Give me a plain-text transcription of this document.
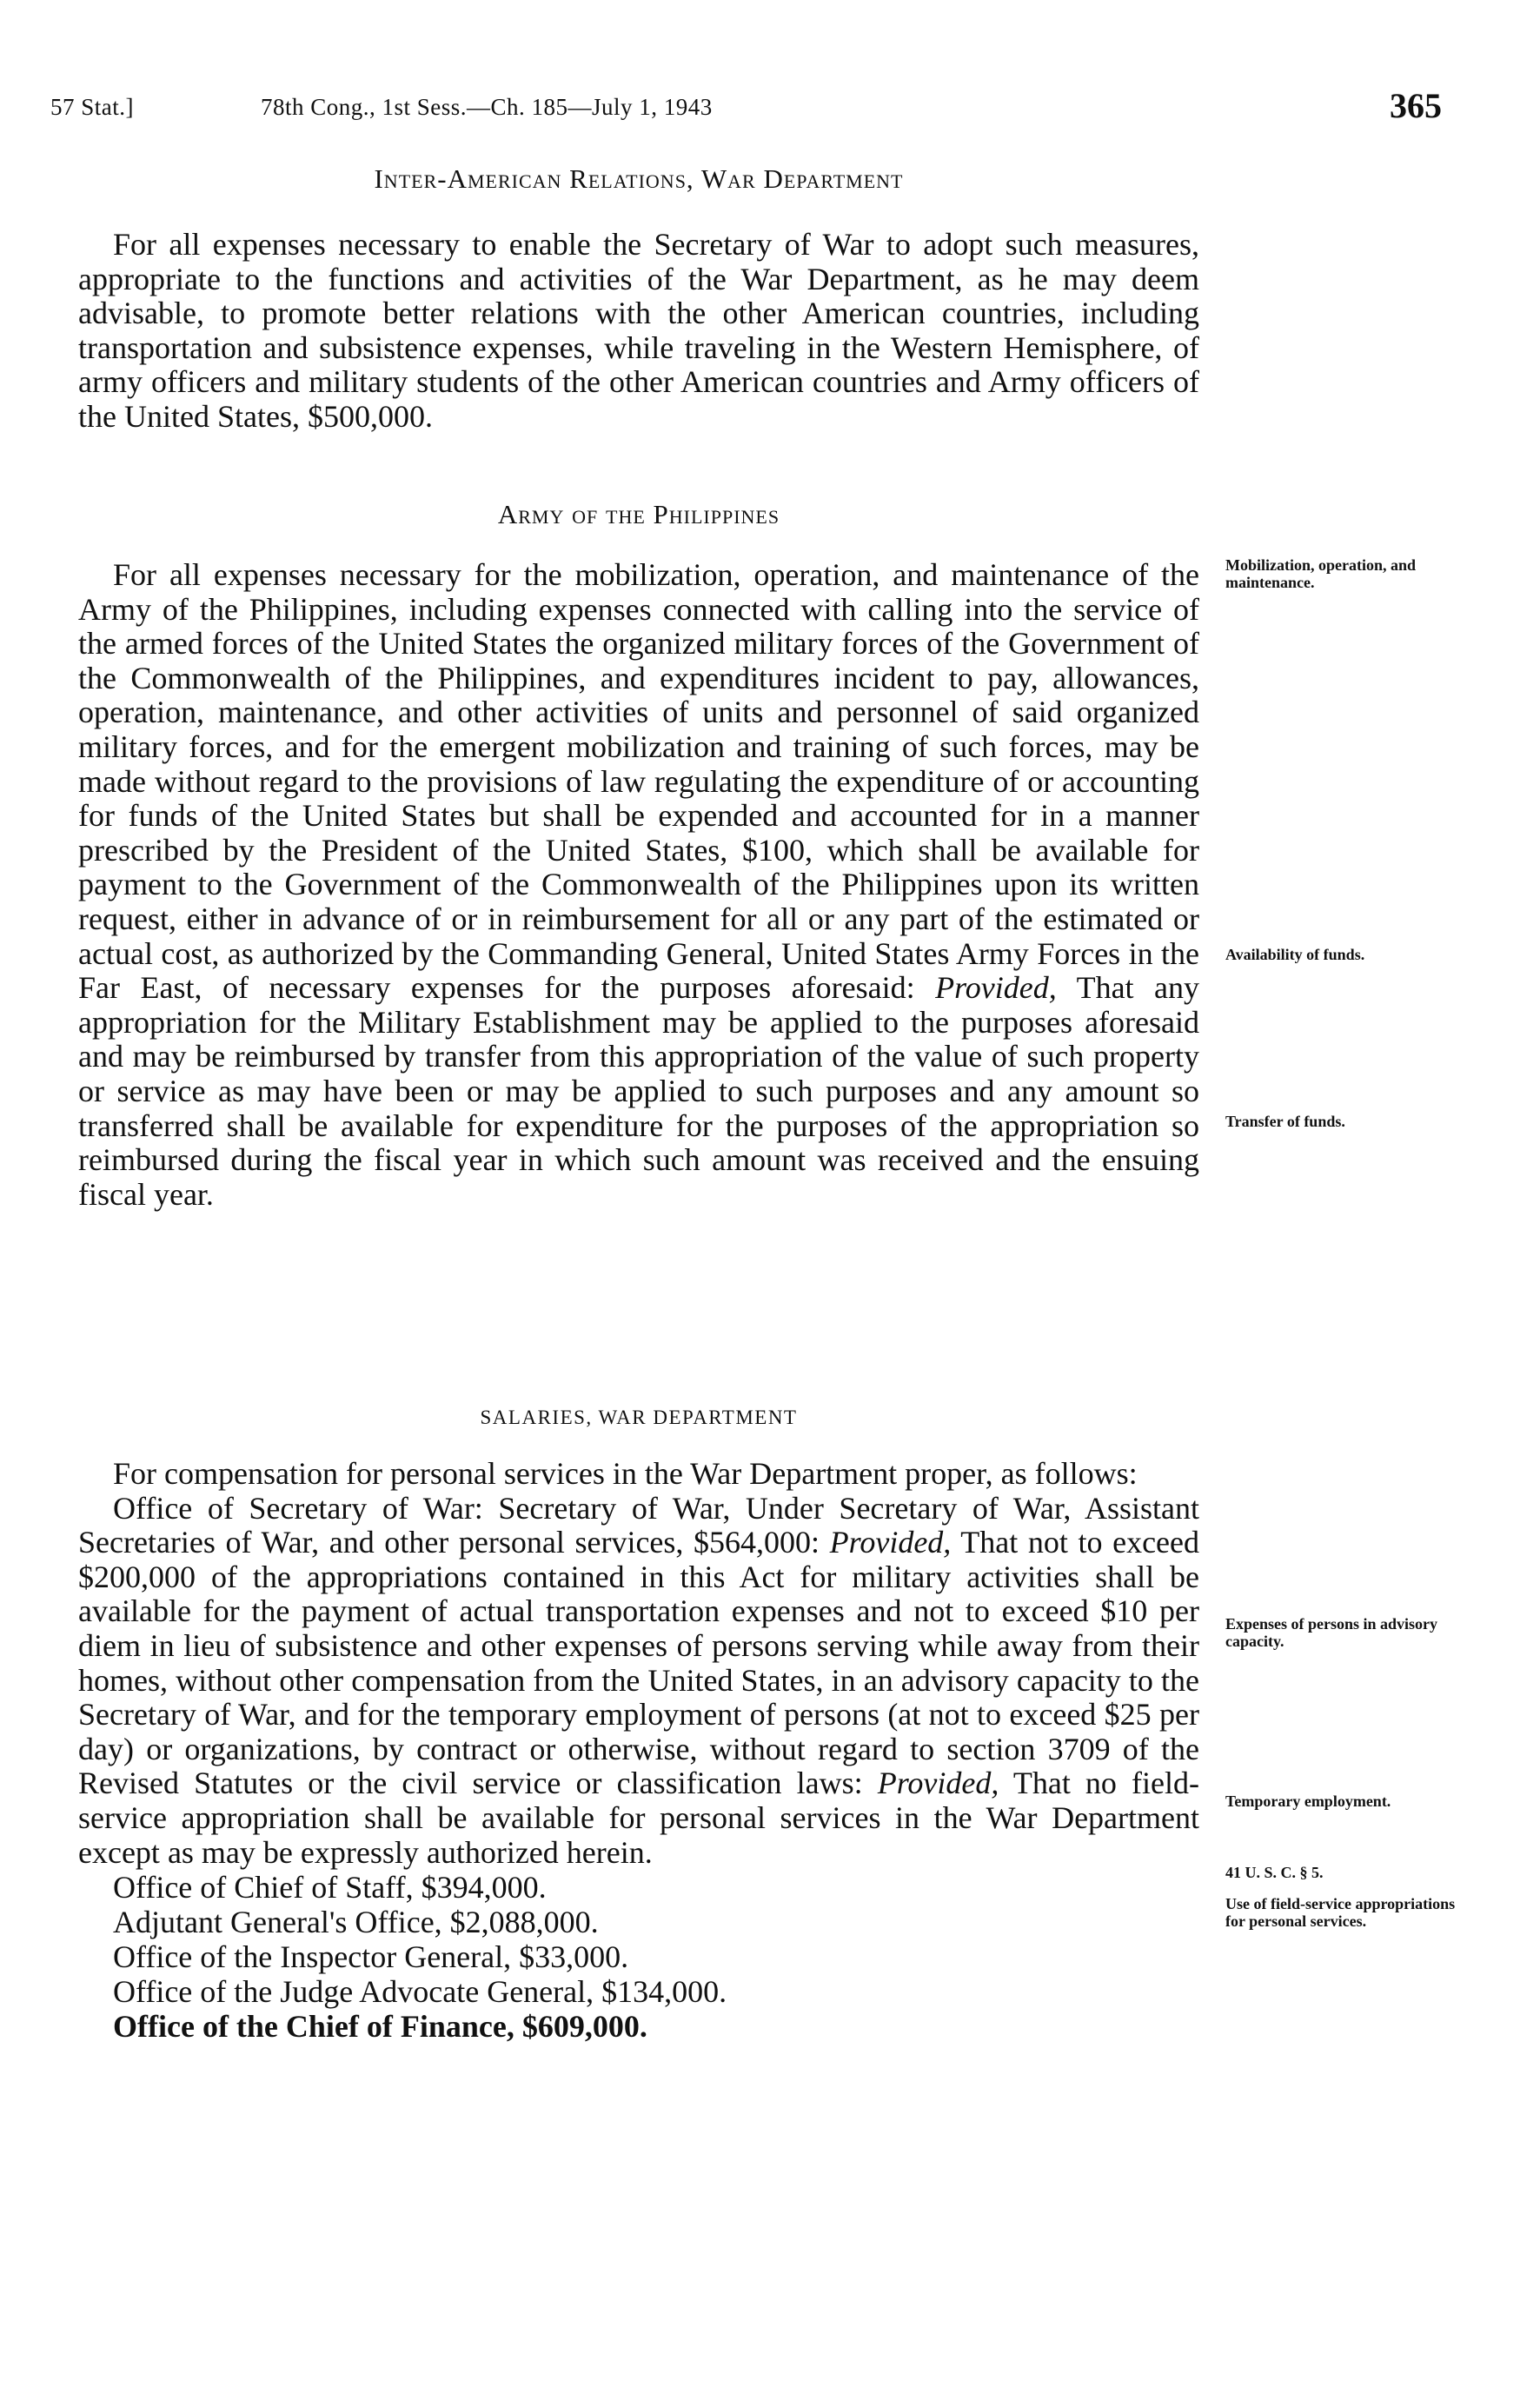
57 Stat.]	78th Cong., 1st Sess.—Ch. 185—July 1, 1943	365
Inter-American Relations, War Department

For all expenses necessary to enable the Secretary of War to adopt such measures, appropriate to the functions and activities of the War Department, as he may deem advisable, to promote better relations with the other American countries, including transportation and subsistence expenses, while traveling in the Western Hemisphere, of army officers and military students of the other American countries and Army officers of the United States, $500,000.

Army of the Philippines

For all expenses necessary for the mobilization, operation, and maintenance of the Army of the Philippines, including expenses connected with calling into the service of the armed forces of the United States the organized military forces of the Government of the Commonwealth of the Philippines, and expenditures incident to pay, allowances, operation, maintenance, and other activities of units and personnel of said organized military forces, and for the emergent mobilization and training of such forces, may be made without regard to the provisions of law regulating the expenditure of or accounting for funds of the United States but shall be expended and accounted for in a manner prescribed by the President of the United States, $100, which shall be available for payment to the Government of the Commonwealth of the Philippines upon its written request, either in advance of or in reimbursement for all or any part of the estimated or actual cost, as authorized by the Commanding General, United States Army Forces in the Far East, of necessary expenses for the purposes aforesaid: Provided, That any appropriation for the Military Establishment may be applied to the purposes aforesaid and may be reimbursed by transfer from this appropriation of the value of such property or service as may have been or may be applied to such purposes and any amount so transferred shall be available for expenditure for the purposes of the appropriation so reimbursed during the fiscal year in which such amount was received and the ensuing fiscal year.

SALARIES, WAR DEPARTMENT

For compensation for personal services in the War Department proper, as follows:

Office of Secretary of War: Secretary of War, Under Secretary of War, Assistant Secretaries of War, and other personal services, $564,000: Provided, That not to exceed $200,000 of the appropriations contained in this Act for military activities shall be available for the payment of actual transportation expenses and not to exceed $10 per diem in lieu of subsistence and other expenses of persons serving while away from their homes, without other compensation from the United States, in an advisory capacity to the Secretary of War, and for the temporary employment of persons (at not to exceed $25 per day) or organizations, by contract or otherwise, without regard to section 3709 of the Revised Statutes or the civil service or classification laws: Provided, That no field-service appropriation shall be available for personal services in the War Department except as may be expressly authorized herein.

Office of Chief of Staff, $394,000.

Adjutant General's Office, $2,088,000.

Office of the Inspector General, $33,000.

Office of the Judge Advocate General, $134,000.

Office of the Chief of Finance, $609,000.

Mobilization, operation, and maintenance.
Availability of funds.
Transfer of funds.
Expenses of persons in advisory capacity.
Temporary employment.
41 U. S. C. § 5.
Use of field-service appropriations for personal services.
